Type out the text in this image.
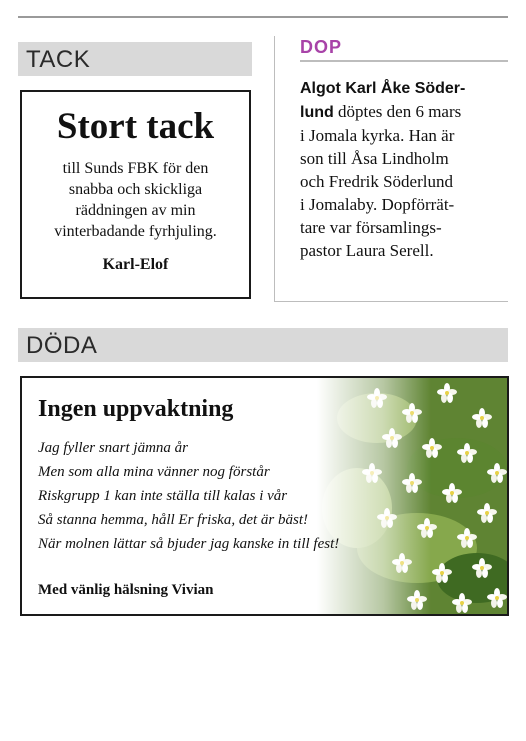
TACK
Stort tack
till Sunds FBK för den
snabba och skickliga
räddningen av min
vinterbadande fyrhjuling.
Karl-Elof
DOP
Algot Karl Åke Söder-
lund döptes den 6 mars
i Jomala kyrka. Han är
son till Åsa Lindholm
och Fredrik Söderlund
i Jomalaby. Dopförrät-
tare var församlings-
pastor Laura Serell.
DÖDA
Ingen uppvaktning
Jag fyller snart jämna år
Men som alla mina vänner nog förstår
Riskgrupp 1 kan inte ställa till kalas i vår
Så stanna hemma, håll Er friska, det är bäst!
När molnen lättar så bjuder jag kanske in till fest!
Med vänlig hälsning Vivian
